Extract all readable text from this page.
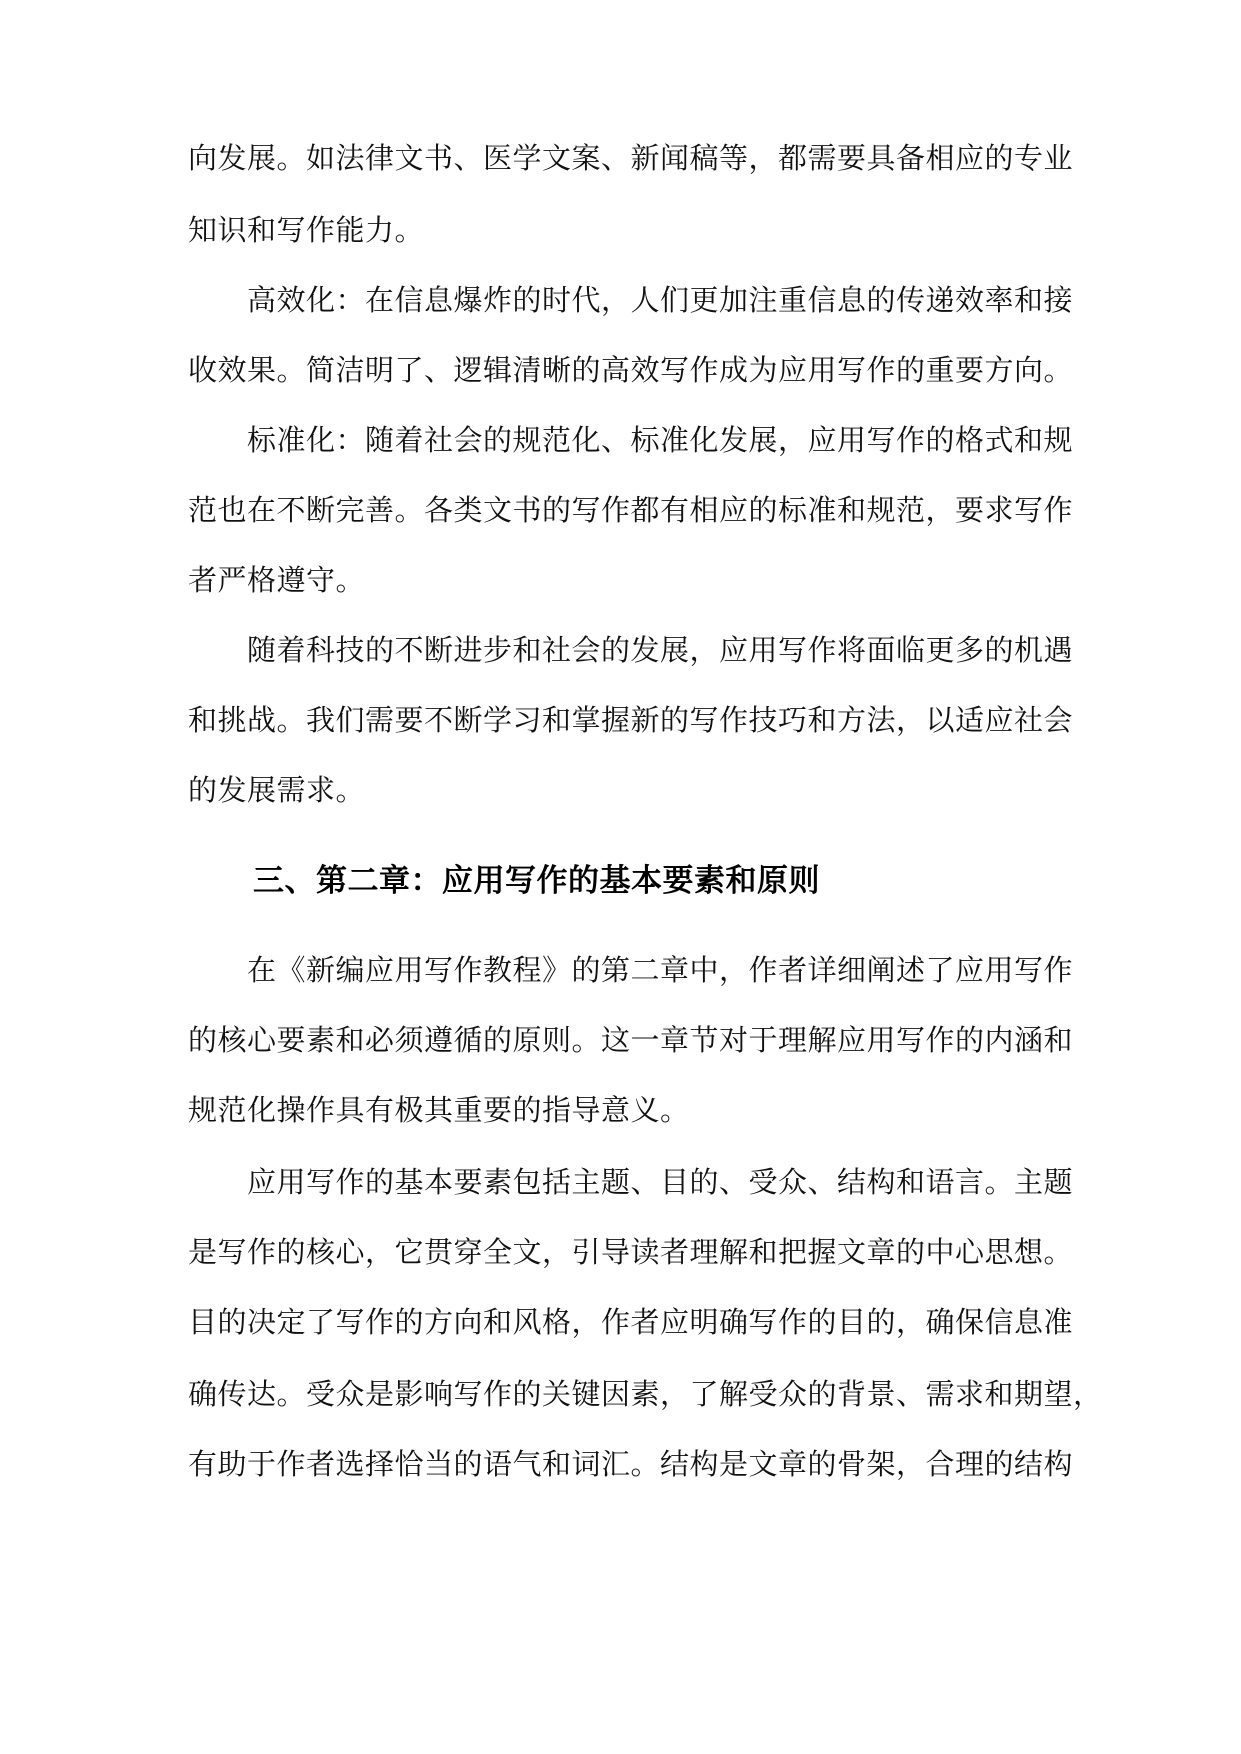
向发展。如法律文书、医学文案、新闻稿等，都需要具备相应的专业
知识和写作能力。
高效化：在信息爆炸的时代，人们更加注重信息的传递效率和接
收效果。简洁明了、逻辑清晰的高效写作成为应用写作的重要方向。
标准化：随着社会的规范化、标准化发展，应用写作的格式和规
范也在不断完善。各类文书的写作都有相应的标准和规范，要求写作
者严格遵守。
随着科技的不断进步和社会的发展，应用写作将面临更多的机遇
和挑战。我们需要不断学习和掌握新的写作技巧和方法，以适应社会
的发展需求。
三、第二章：应用写作的基本要素和原则
在《新编应用写作教程》的第二章中，作者详细阐述了应用写作
的核心要素和必须遵循的原则。这一章节对于理解应用写作的内涵和
规范化操作具有极其重要的指导意义。
应用写作的基本要素包括主题、目的、受众、结构和语言。主题
是写作的核心，它贯穿全文，引导读者理解和把握文章的中心思想。
目的决定了写作的方向和风格，作者应明确写作的目的，确保信息准
确传达。受众是影响写作的关键因素，了解受众的背景、需求和期望，
有助于作者选择恰当的语气和词汇。结构是文章的骨架，合理的结构
